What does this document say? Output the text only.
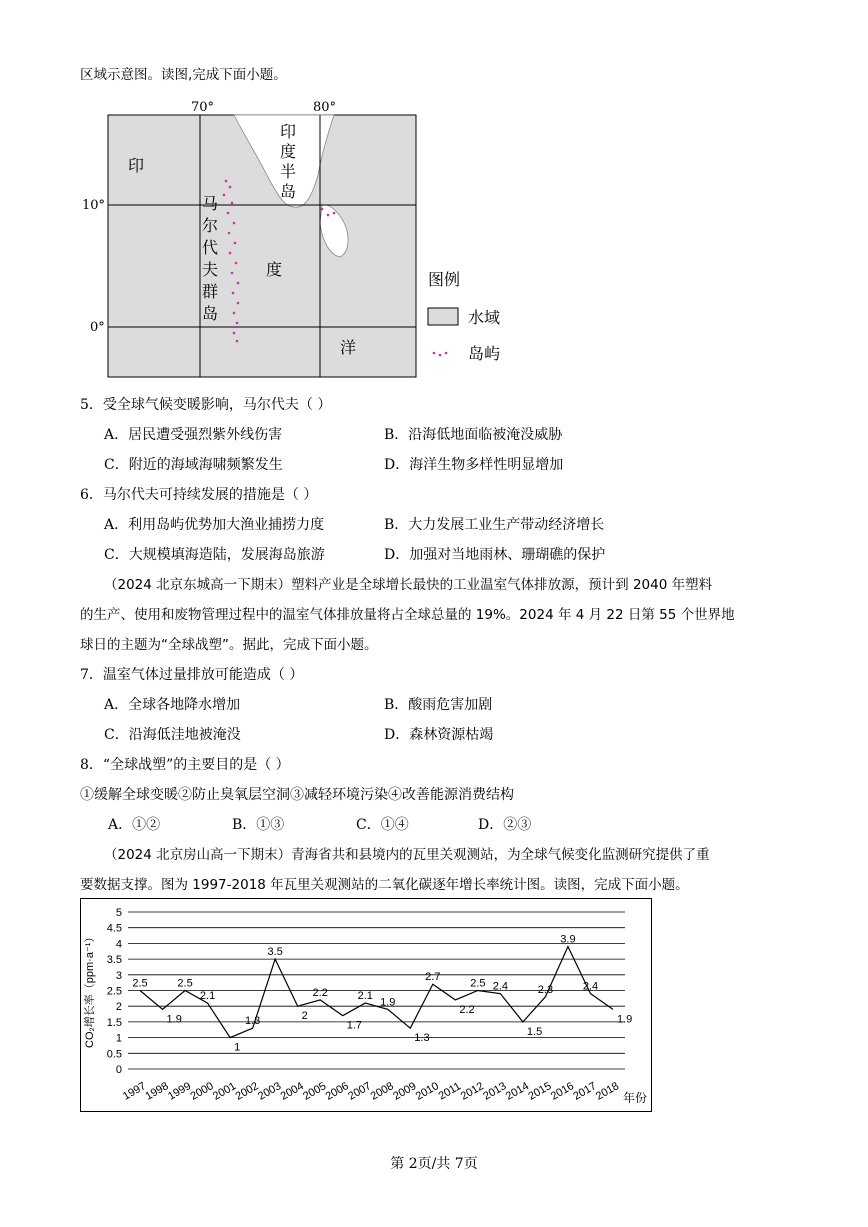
区域示意图。读图,完成下面小题。
70°	80°
10°
0°
印
度
洋
印
度
半
岛
马
尔
代
夫
群
岛
图例
水域
岛屿
5．受全球气候变暖影响，马尔代夫（ ）
A．居民遭受强烈紫外线伤害	B．沿海低地面临被淹没威胁
C．附近的海域海啸频繁发生	D．海洋生物多样性明显增加
6．马尔代夫可持续发展的措施是（ ）
A．利用岛屿优势加大渔业捕捞力度	B．大力发展工业生产带动经济增长
C．大规模填海造陆，发展海岛旅游	D．加强对当地雨林、珊瑚礁的保护
（2024 北京东城高一下期末）塑料产业是全球增长最快的工业温室气体排放源，预计到 2040 年塑料
的生产、使用和废物管理过程中的温室气体排放量将占全球总量的 19%。2024 年 4 月 22 日第 55 个世界地
球日的主题为“全球战塑”。据此，完成下面小题。
7．温室气体过量排放可能造成（ ）
A．全球各地降水增加	B．酸雨危害加剧
C．沿海低洼地被淹没	D．森林资源枯竭
8．“全球战塑”的主要目的是（ ）
①缓解全球变暖②防止臭氧层空洞③减轻环境污染④改善能源消费结构
A．①②	B．①③	C．①④	D．②③
（2024 北京房山高一下期末）青海省共和县境内的瓦里关观测站，为全球气候变化监测研究提供了重
要数据支撑。图为 1997-2018 年瓦里关观测站的二氧化碳逐年增长率统计图。读图，完成下面小题。
0
0.5
1
1.5
2
2.5
3
3.5
4
4.5
5
1997
1998
1999
2000
2001
2002
2003
2004
2005
2006
2007
2008
2009
2010
2011
2012
2013
2014
2015
2016
2017
2018
2.5
1.9
2.5
2.1
1
1.3
3.5
2
2.2
1.7
2.1
1.9
1.3
2.7
2.2
2.5 2.4
1.5
2.3
3.9
2.4
1.9
CO₂增长率（ppm·a⁻¹）
年份
第 2页/共 7页
